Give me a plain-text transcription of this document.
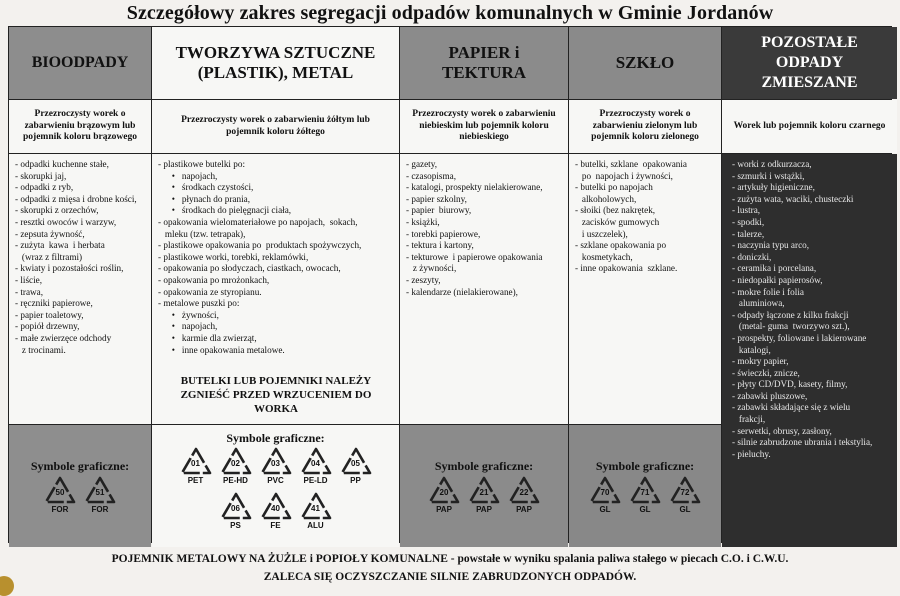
Szczegółowy zakres segregacji odpadów komunalnych w Gminie Jordanów
BIOODPADY
TWORZYWA SZTUCZNE (PLASTIK), METAL
PAPIER i TEKTURA
SZKŁO
POZOSTAŁE ODPADY ZMIESZANE
Przezroczysty worek o zabarwieniu brązowym lub pojemnik koloru brązowego
Przezroczysty worek o zabarwieniu żółtym lub pojemnik koloru żółtego
Przezroczysty worek o zabarwieniu niebieskim lub pojemnik koloru niebieskiego
Przezroczysty worek o zabarwieniu zielonym lub pojemnik koloru zielonego
Worek lub pojemnik koloru czarnego
- odpadki kuchenne stałe,
- skorupki jaj,
- odpadki z ryb,
- odpadki z mięsa i drobne kości,
- skorupki z orzechów,
- resztki owoców i warzyw,
- zepsuta żywność,
- zużyta  kawa  i herbata
(wraz z filtrami)
- kwiaty i pozostałości roślin,
- liście,
- trawa,
- ręczniki papierowe,
- papier toaletowy,
- popiół drzewny,
- małe zwierzęce odchody
z trocinami.
- plastikowe butelki po:
•   napojach,
•   środkach czystości,
•   płynach do prania,
•   środkach do pielęgnacji ciała,
- opakowania wielomateriałowe po napojach,  sokach,
mleku (tzw. tetrapak),
- plastikowe opakowania po  produktach spożywczych,
- plastikowe worki, torebki, reklamówki,
- opakowania po słodyczach, ciastkach, owocach,
- opakowania po mrożonkach,
- opakowania ze styropianu.
- metalowe puszki po:
•   żywności,
•   napojach,
•   karmie dla zwierząt,
•   inne opakowania metalowe.
BUTELKI LUB POJEMNIKI NALEŻY ZGNIEŚĆ PRZED WRZUCENIEM DO WORKA
- gazety,
- czasopisma,
- katalogi, prospekty nielakierowane,
- papier szkolny,
- papier  biurowy,
- książki,
- torebki papierowe,
- tektura i kartony,
- tekturowe  i papierowe opakowania
z żywności,
- zeszyty,
- kalendarze (nielakierowane),
- butelki, szklane  opakowania
po  napojach i żywności,
- butelki po napojach
alkoholowych,
- słoiki (bez nakrętek,
zacisków gumowych
i uszczelek),
- szklane opakowania po
kosmetykach,
- inne opakowania  szklane.
- worki z odkurzacza,
- szmurki i wstążki,
- artykuły higieniczne,
- zużyta wata, waciki, chusteczki
- lustra,
- spodki,
- talerze,
- naczynia typu arco,
- doniczki,
- ceramika i porcelana,
- niedopałki papierosów,
- mokre folie i folia
aluminiowa,
- odpady łączone z kilku frakcji
(metal- guma  tworzywo szt.),
- prospekty, foliowane i lakierowane
katalogi,
- mokry papier,
- świeczki, znicze,
- płyty CD/DVD, kasety, filmy,
- zabawki pluszowe,
- zabawki składające się z wielu
frakcji,
- serwetki, obrusy, zasłony,
- silnie zabrudzone ubrania i tekstylia,
- pieluchy.
Symbole graficzne:
50
FOR
51
FOR
Symbole graficzne:
01
PET
02
PE-HD
03
PVC
04
PE-LD
05
PP
06
PS
40
FE
41
ALU
Symbole graficzne:
20
PAP
21
PAP
22
PAP
Symbole graficzne:
70
GL
71
GL
72
GL
POJEMNIK METALOWY NA ŻUŻLE i POPIOŁY KOMUNALNE - powstałe w wyniku spalania paliwa stałego w piecach C.O. i C.W.U.
ZALECA SIĘ OCZYSZCZANIE SILNIE ZABRUDZONYCH ODPADÓW.
